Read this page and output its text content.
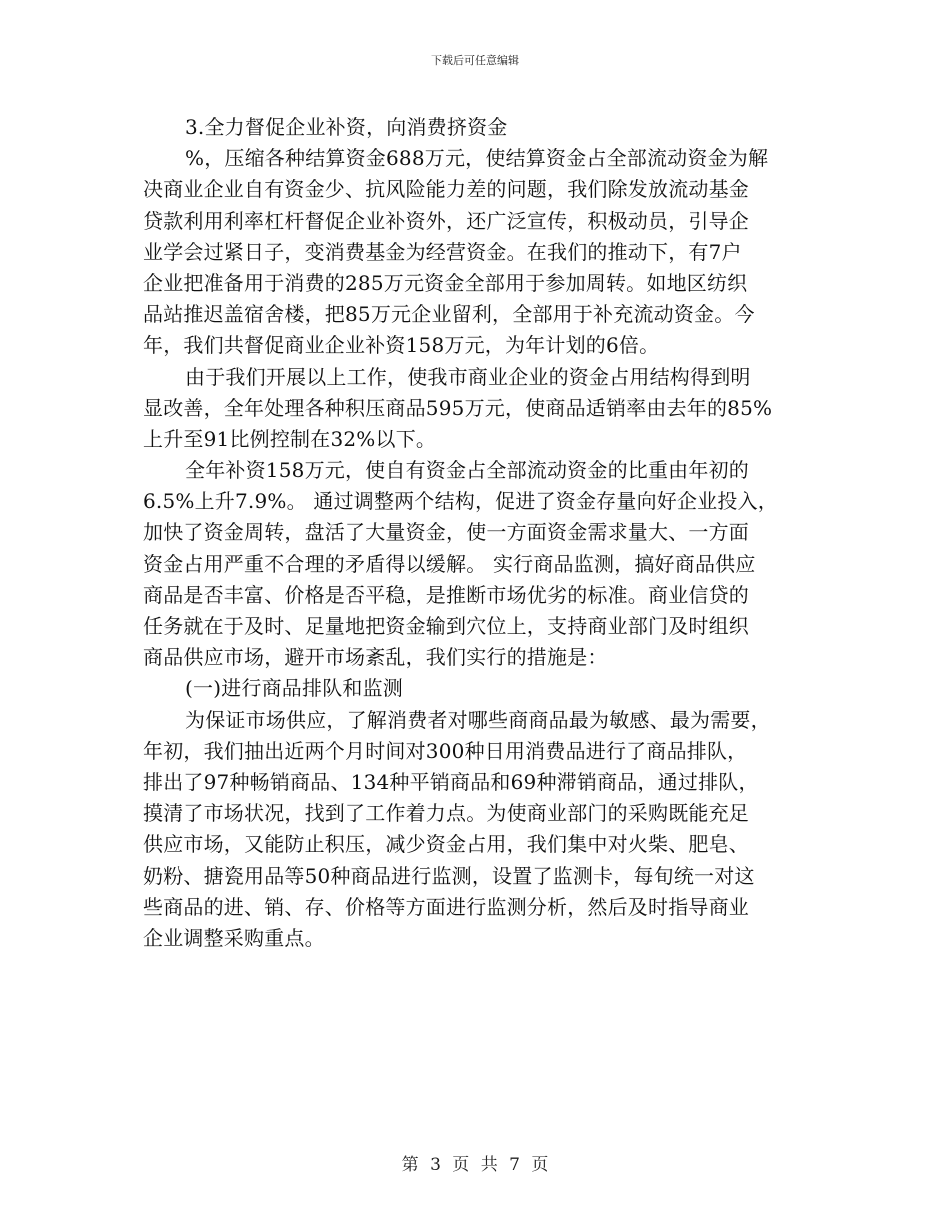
下载后可任意编辑
3.全力督促企业补资，向消费挤资金
%，压缩各种结算资金688万元，使结算资金占全部流动资金为解
决商业企业自有资金少、抗风险能力差的问题，我们除发放流动基金
贷款利用利率杠杆督促企业补资外，还广泛宣传，积极动员，引导企
业学会过紧日子，变消费基金为经营资金。在我们的推动下，有7户
企业把准备用于消费的285万元资金全部用于参加周转。如地区纺织
品站推迟盖宿舍楼，把85万元企业留利，全部用于补充流动资金。今
年，我们共督促商业企业补资158万元，为年计划的6倍。
由于我们开展以上工作，使我市商业企业的资金占用结构得到明
显改善，全年处理各种积压商品595万元，使商品适销率由去年的85%
上升至91比例控制在32%以下。
全年补资158万元，使自有资金占全部流动资金的比重由年初的
6.5%上升7.9%。 通过调整两个结构，促进了资金存量向好企业投入，
加快了资金周转，盘活了大量资金，使一方面资金需求量大、一方面
资金占用严重不合理的矛盾得以缓解。 实行商品监测，搞好商品供应
商品是否丰富、价格是否平稳，是推断市场优劣的标准。商业信贷的
任务就在于及时、足量地把资金输到穴位上，支持商业部门及时组织
商品供应市场，避开市场紊乱，我们实行的措施是：
(一)进行商品排队和监测
为保证市场供应，了解消费者对哪些商商品最为敏感、最为需要，
年初，我们抽出近两个月时间对300种日用消费品进行了商品排队，
排出了97种畅销商品、134种平销商品和69种滞销商品，通过排队，
摸清了市场状况，找到了工作着力点。为使商业部门的采购既能充足
供应市场，又能防止积压，减少资金占用，我们集中对火柴、肥皂、
奶粉、搪瓷用品等50种商品进行监测，设置了监测卡，每旬统一对这
些商品的进、销、存、价格等方面进行监测分析，然后及时指导商业
企业调整采购重点。
第 3 页 共 7 页
